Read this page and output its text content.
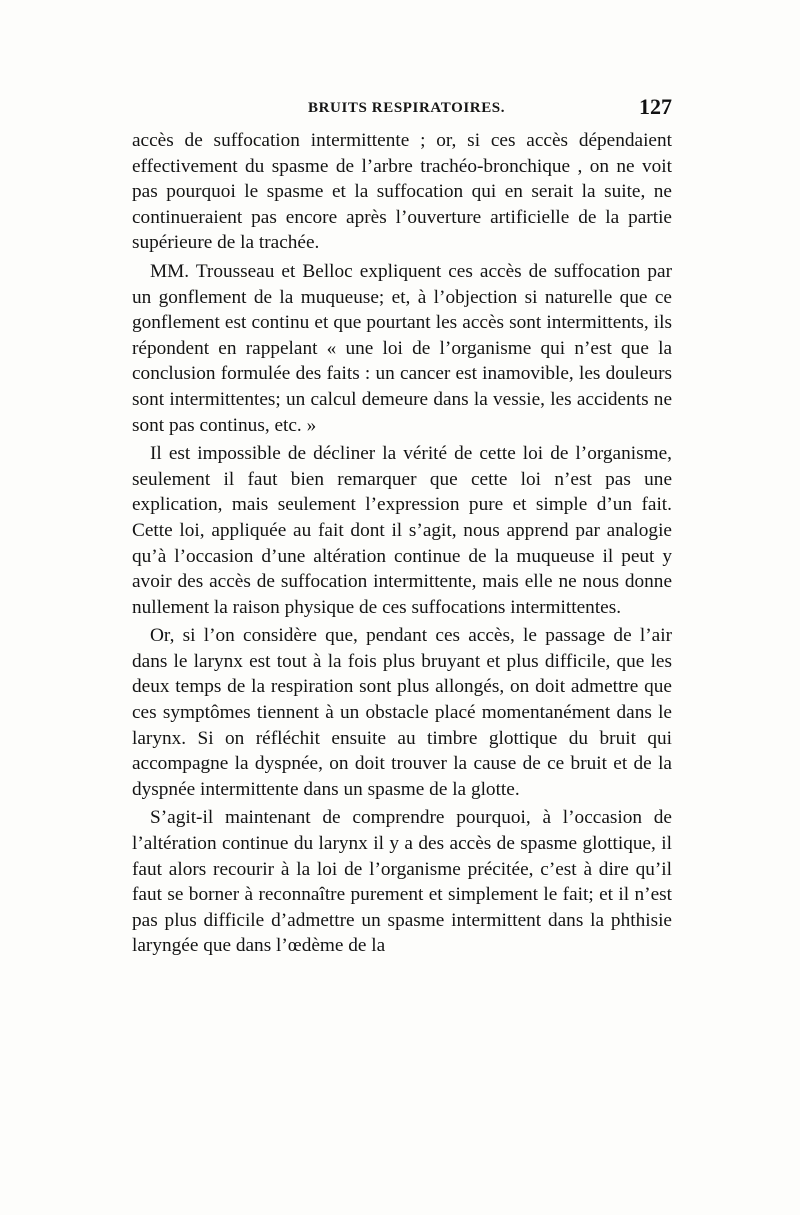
BRUITS RESPIRATOIRES.	127

accès de suffocation intermittente ; or, si ces accès dépendaient effectivement du spasme de l’arbre trachéo-bronchique , on ne voit pas pourquoi le spasme et la suffocation qui en serait la suite, ne continueraient pas encore après l’ouverture artificielle de la partie supérieure de la trachée.

MM. Trousseau et Belloc expliquent ces accès de suffocation par un gonflement de la muqueuse; et, à l’objection si naturelle que ce gonflement est continu et que pourtant les accès sont intermittents, ils répondent en rappelant « une loi de l’organisme qui n’est que la conclusion formulée des faits : un cancer est inamovible, les douleurs sont intermittentes; un calcul demeure dans la vessie, les accidents ne sont pas continus, etc. »

Il est impossible de décliner la vérité de cette loi de l’organisme, seulement il faut bien remarquer que cette loi n’est pas une explication, mais seulement l’expression pure et simple d’un fait. Cette loi, appliquée au fait dont il s’agit, nous apprend par analogie qu’à l’occasion d’une altération continue de la muqueuse il peut y avoir des accès de suffocation intermittente, mais elle ne nous donne nullement la raison physique de ces suffocations intermittentes.

Or, si l’on considère que, pendant ces accès, le passage de l’air dans le larynx est tout à la fois plus bruyant et plus difficile, que les deux temps de la respiration sont plus allongés, on doit admettre que ces symptômes tiennent à un obstacle placé momentanément dans le larynx. Si on réfléchit ensuite au timbre glottique du bruit qui accompagne la dyspnée, on doit trouver la cause de ce bruit et de la dyspnée intermittente dans un spasme de la glotte.

S’agit-il maintenant de comprendre pourquoi, à l’occasion de l’altération continue du larynx il y a des accès de spasme glottique, il faut alors recourir à la loi de l’organisme précitée, c’est à dire qu’il faut se borner à reconnaître purement et simplement le fait; et il n’est pas plus difficile d’admettre un spasme intermittent dans la phthisie laryngée que dans l’œdème de la
